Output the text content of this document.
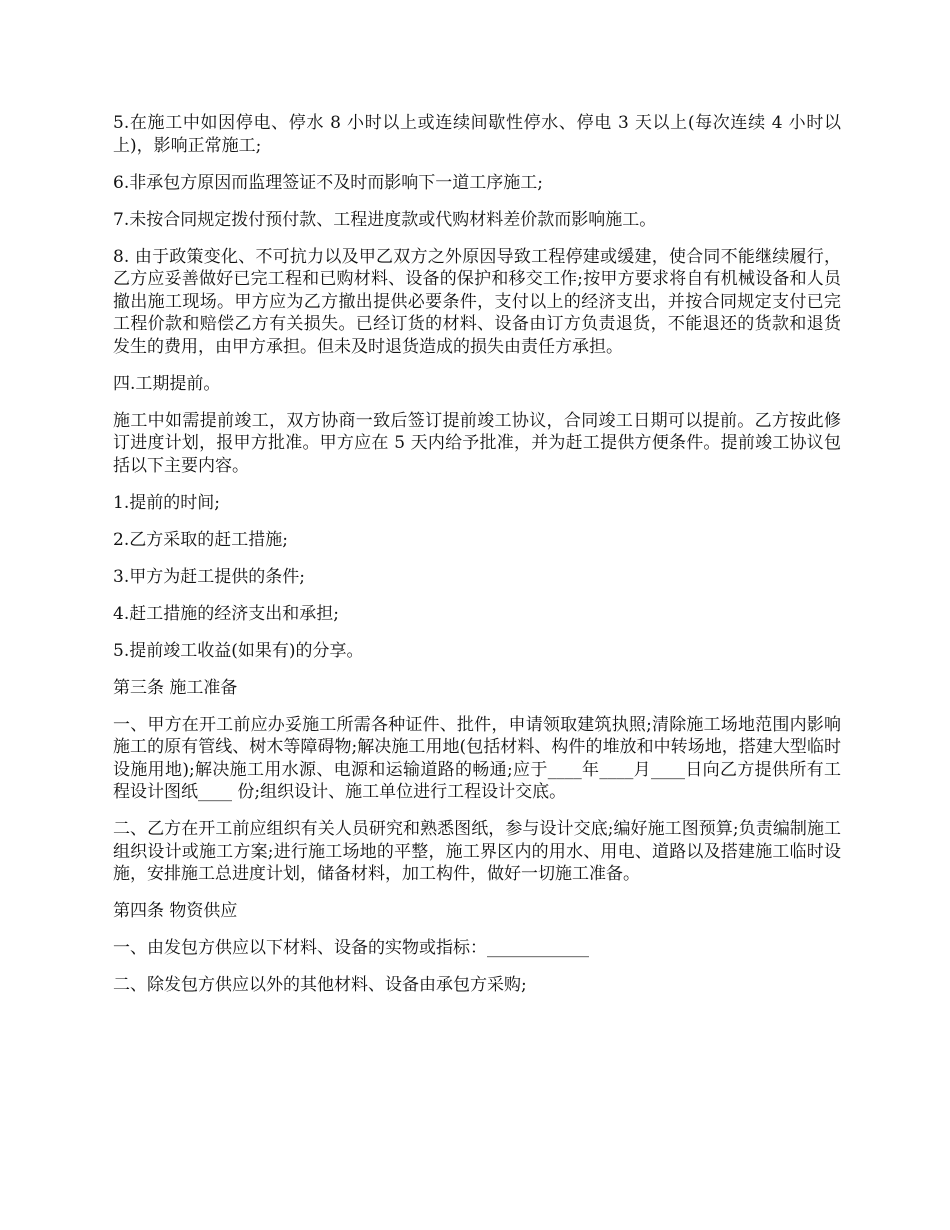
5.在施工中如因停电、停水 8 小时以上或连续间歇性停水、停电 3 天以上(每次连续 4 小时以上)，影响正常施工;

6.非承包方原因而监理签证不及时而影响下一道工序施工;

7.未按合同规定拨付预付款、工程进度款或代购材料差价款而影响施工。

8. 由于政策变化、不可抗力以及甲乙双方之外原因导致工程停建或缓建，使合同不能继续履行，乙方应妥善做好已完工程和已购材料、设备的保护和移交工作;按甲方要求将自有机械设备和人员撤出施工现场。甲方应为乙方撤出提供必要条件，支付以上的经济支出，并按合同规定支付已完工程价款和赔偿乙方有关损失。已经订货的材料、设备由订方负责退货，不能退还的货款和退货发生的费用，由甲方承担。但未及时退货造成的损失由责任方承担。

四.工期提前。

施工中如需提前竣工，双方协商一致后签订提前竣工协议，合同竣工日期可以提前。乙方按此修订进度计划，报甲方批准。甲方应在 5 天内给予批准，并为赶工提供方便条件。提前竣工协议包括以下主要内容。

1.提前的时间;

2.乙方采取的赶工措施;

3.甲方为赶工提供的条件;

4.赶工措施的经济支出和承担;

5.提前竣工收益(如果有)的分享。

第三条 施工准备

一、甲方在开工前应办妥施工所需各种证件、批件，申请领取建筑执照;清除施工场地范围内影响施工的原有管线、树木等障碍物;解决施工用地(包括材料、构件的堆放和中转场地，搭建大型临时设施用地);解决施工用水源、电源和运输道路的畅通;应于____年____月____日向乙方提供所有工程设计图纸____ 份;组织设计、施工单位进行工程设计交底。

二、乙方在开工前应组织有关人员研究和熟悉图纸，参与设计交底;编好施工图预算;负责编制施工组织设计或施工方案;进行施工场地的平整，施工界区内的用水、用电、道路以及搭建施工临时设施，安排施工总进度计划，储备材料，加工构件，做好一切施工准备。

第四条 物资供应

一、由发包方供应以下材料、设备的实物或指标：____________

二、除发包方供应以外的其他材料、设备由承包方采购;
